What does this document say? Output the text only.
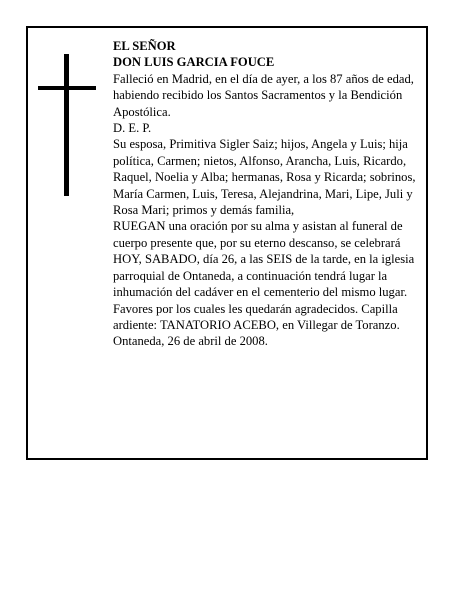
EL SEÑOR

DON LUIS GARCIA FOUCE

Falleció en Madrid, en el día de ayer, a los 87 años de edad,

habiendo recibido los Santos Sacramentos y la Bendición Apostólica.

D. E. P.

Su esposa, Primitiva Sigler Saiz; hijos, Angela y Luis; hija política, Carmen; nietos, Alfonso, Arancha, Luis, Ricardo, Raquel, Noelia y Alba; hermanas, Rosa y Ricarda; sobrinos, María Carmen, Luis, Teresa, Alejandrina, Mari, Lipe, Juli y Rosa Mari; primos y demás familia,

RUEGAN una oración por su alma y asistan al funeral de cuerpo presente que, por su eterno descanso, se celebrará HOY, SABADO, día 26, a las SEIS de la tarde, en la iglesia parroquial de Ontaneda, a continuación tendrá lugar la inhumación del cadáver en el cementerio del mismo lugar. Favores por los cuales les quedarán agradecidos. Capilla ardiente: TANATORIO ACEBO, en Villegar de Toranzo.

Ontaneda, 26 de abril de 2008.
